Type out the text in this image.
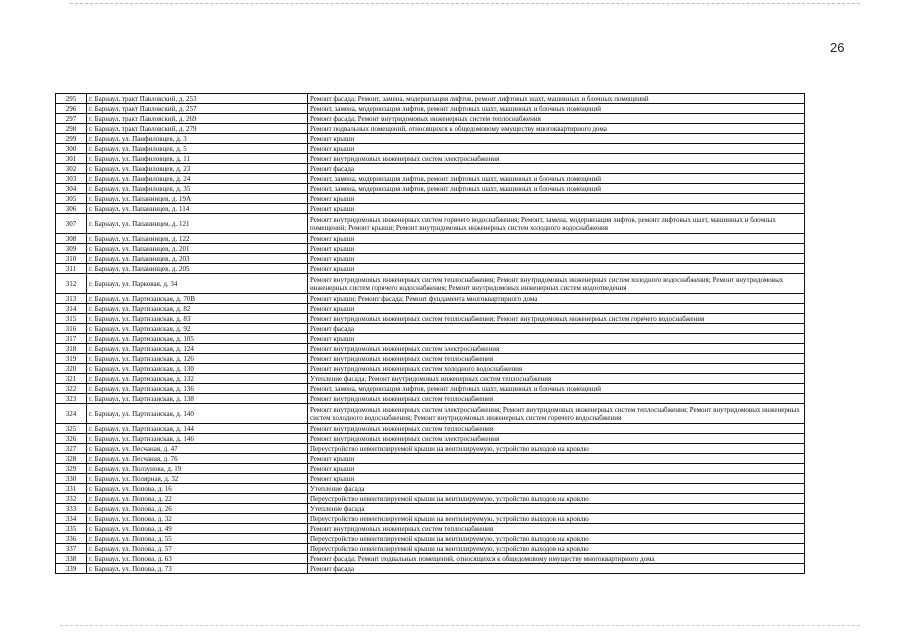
26
295	г. Барнаул, тракт Павловский, д. 253	Ремонт фасада; Ремонт, замена, модернизация лифтов, ремонт лифтовых шахт, машинных и блочных помещений
296	г. Барнаул, тракт Павловский, д. 257	Ремонт, замена, модернизация лифтов, ремонт лифтовых шахт, машинных и блочных помещений
297	г. Барнаул, тракт Павловский, д. 269	Ремонт фасада; Ремонт внутридомовых инженерных систем теплоснабжения
298	г. Барнаул, тракт Павловский, д. 279	Ремонт подвальных помещений, относящихся к общедомовому имуществу многоквартирного дома
299	г. Барнаул, ул. Панфиловцев, д. 3	Ремонт крыши
300	г. Барнаул, ул. Панфиловцев, д. 5	Ремонт крыши
301	г. Барнаул, ул. Панфиловцев, д. 11	Ремонт внутридомовых инженерных систем электроснабжения
302	г. Барнаул, ул. Панфиловцев, д. 23	Ремонт фасада
303	г. Барнаул, ул. Панфиловцев, д. 24	Ремонт, замена, модернизация лифтов, ремонт лифтовых шахт, машинных и блочных помещений
304	г. Барнаул, ул. Панфиловцев, д. 35	Ремонт, замена, модернизация лифтов, ремонт лифтовых шахт, машинных и блочных помещений
305	г. Барнаул, ул. Папанинцев, д. 19А	Ремонт крыши
306	г. Барнаул, ул. Папанинцев, д. 114	Ремонт крыши
307	г. Барнаул, ул. Папанинцев, д. 121	Ремонт внутридомовых инженерных систем горячего водоснабжения; Ремонт, замена, модернизация лифтов, ремонт лифтовых шахт, машинных и блочных помещений; Ремонт крыши; Ремонт внутридомовых инженерных систем холодного водоснабжения
308	г. Барнаул, ул. Папанинцев, д. 122	Ремонт крыши
309	г. Барнаул, ул. Папанинцев, д. 201	Ремонт крыши
310	г. Барнаул, ул. Папанинцев, д. 203	Ремонт крыши
311	г. Барнаул, ул. Папанинцев, д. 205	Ремонт крыши
312	г. Барнаул, ул. Парковая, д. 34	Ремонт внутридомовых инженерных систем теплоснабжения; Ремонт внутридомовых инженерных систем холодного водоснабжения; Ремонт внутридомовых инженерных систем горячего водоснабжения; Ремонт внутридомовых инженерных систем водоотведения
313	г. Барнаул, ул. Партизанская, д. 70В	Ремонт крыши; Ремонт фасада; Ремонт фундамента многоквартирного дома
314	г. Барнаул, ул. Партизанская, д. 82	Ремонт крыши
315	г. Барнаул, ул. Партизанская, д. 83	Ремонт внутридомовых инженерных систем теплоснабжения; Ремонт внутридомовых инженерных систем горячего водоснабжения
316	г. Барнаул, ул. Партизанская, д. 92	Ремонт фасада
317	г. Барнаул, ул. Партизанская, д. 105	Ремонт крыши
318	г. Барнаул, ул. Партизанская, д. 124	Ремонт внутридомовых инженерных систем электроснабжения
319	г. Барнаул, ул. Партизанская, д. 126	Ремонт внутридомовых инженерных систем теплоснабжения
320	г. Барнаул, ул. Партизанская, д. 130	Ремонт внутридомовых инженерных систем холодного водоснабжения
321	г. Барнаул, ул. Партизанская, д. 132	Утепление фасада; Ремонт внутридомовых инженерных систем теплоснабжения
322	г. Барнаул, ул. Партизанская, д. 136	Ремонт, замена, модернизация лифтов, ремонт лифтовых шахт, машинных и блочных помещений
323	г. Барнаул, ул. Партизанская, д. 138	Ремонт внутридомовых инженерных систем теплоснабжения
324	г. Барнаул, ул. Партизанская, д. 140	Ремонт внутридомовых инженерных систем электроснабжения; Ремонт внутридомовых инженерных систем теплоснабжения; Ремонт внутридомовых инженерных систем холодного водоснабжения; Ремонт внутридомовых инженерных систем горячего водоснабжения
325	г. Барнаул, ул. Партизанская, д. 144	Ремонт внутридомовых инженерных систем теплоснабжения
326	г. Барнаул, ул. Партизанская, д. 146	Ремонт внутридомовых инженерных систем электроснабжения
327	г. Барнаул, ул. Песчаная, д. 47	Переустройство невентилируемой крыши на вентилируемую, устройство выходов на кровлю
328	г. Барнаул, ул. Песчаная, д. 76	Ремонт крыши
329	г. Барнаул, ул. Ползунова, д. 19	Ремонт крыши
330	г. Барнаул, ул. Полярная, д. 32	Ремонт крыши
331	г. Барнаул, ул. Попова, д. 16	Утепление фасада
332	г. Барнаул, ул. Попова, д. 22	Переустройство невентилируемой крыши на вентилируемую, устройство выходов на кровлю
333	г. Барнаул, ул. Попова, д. 26	Утепление фасада
334	г. Барнаул, ул. Попова, д. 32	Переустройство невентилируемой крыши на вентилируемую, устройство выходов на кровлю
335	г. Барнаул, ул. Попова, д. 49	Ремонт внутридомовых инженерных систем теплоснабжения
336	г. Барнаул, ул. Попова, д. 55	Переустройство невентилируемой крыши на вентилируемую, устройство выходов на кровлю
337	г. Барнаул, ул. Попова, д. 57	Переустройство невентилируемой крыши на вентилируемую, устройство выходов на кровлю
338	г. Барнаул, ул. Попова, д. 63	Ремонт фасада; Ремонт подвальных помещений, относящихся к общедомовому имуществу многоквартирного дома
339	г. Барнаул, ул. Попова, д. 73	Ремонт фасада
